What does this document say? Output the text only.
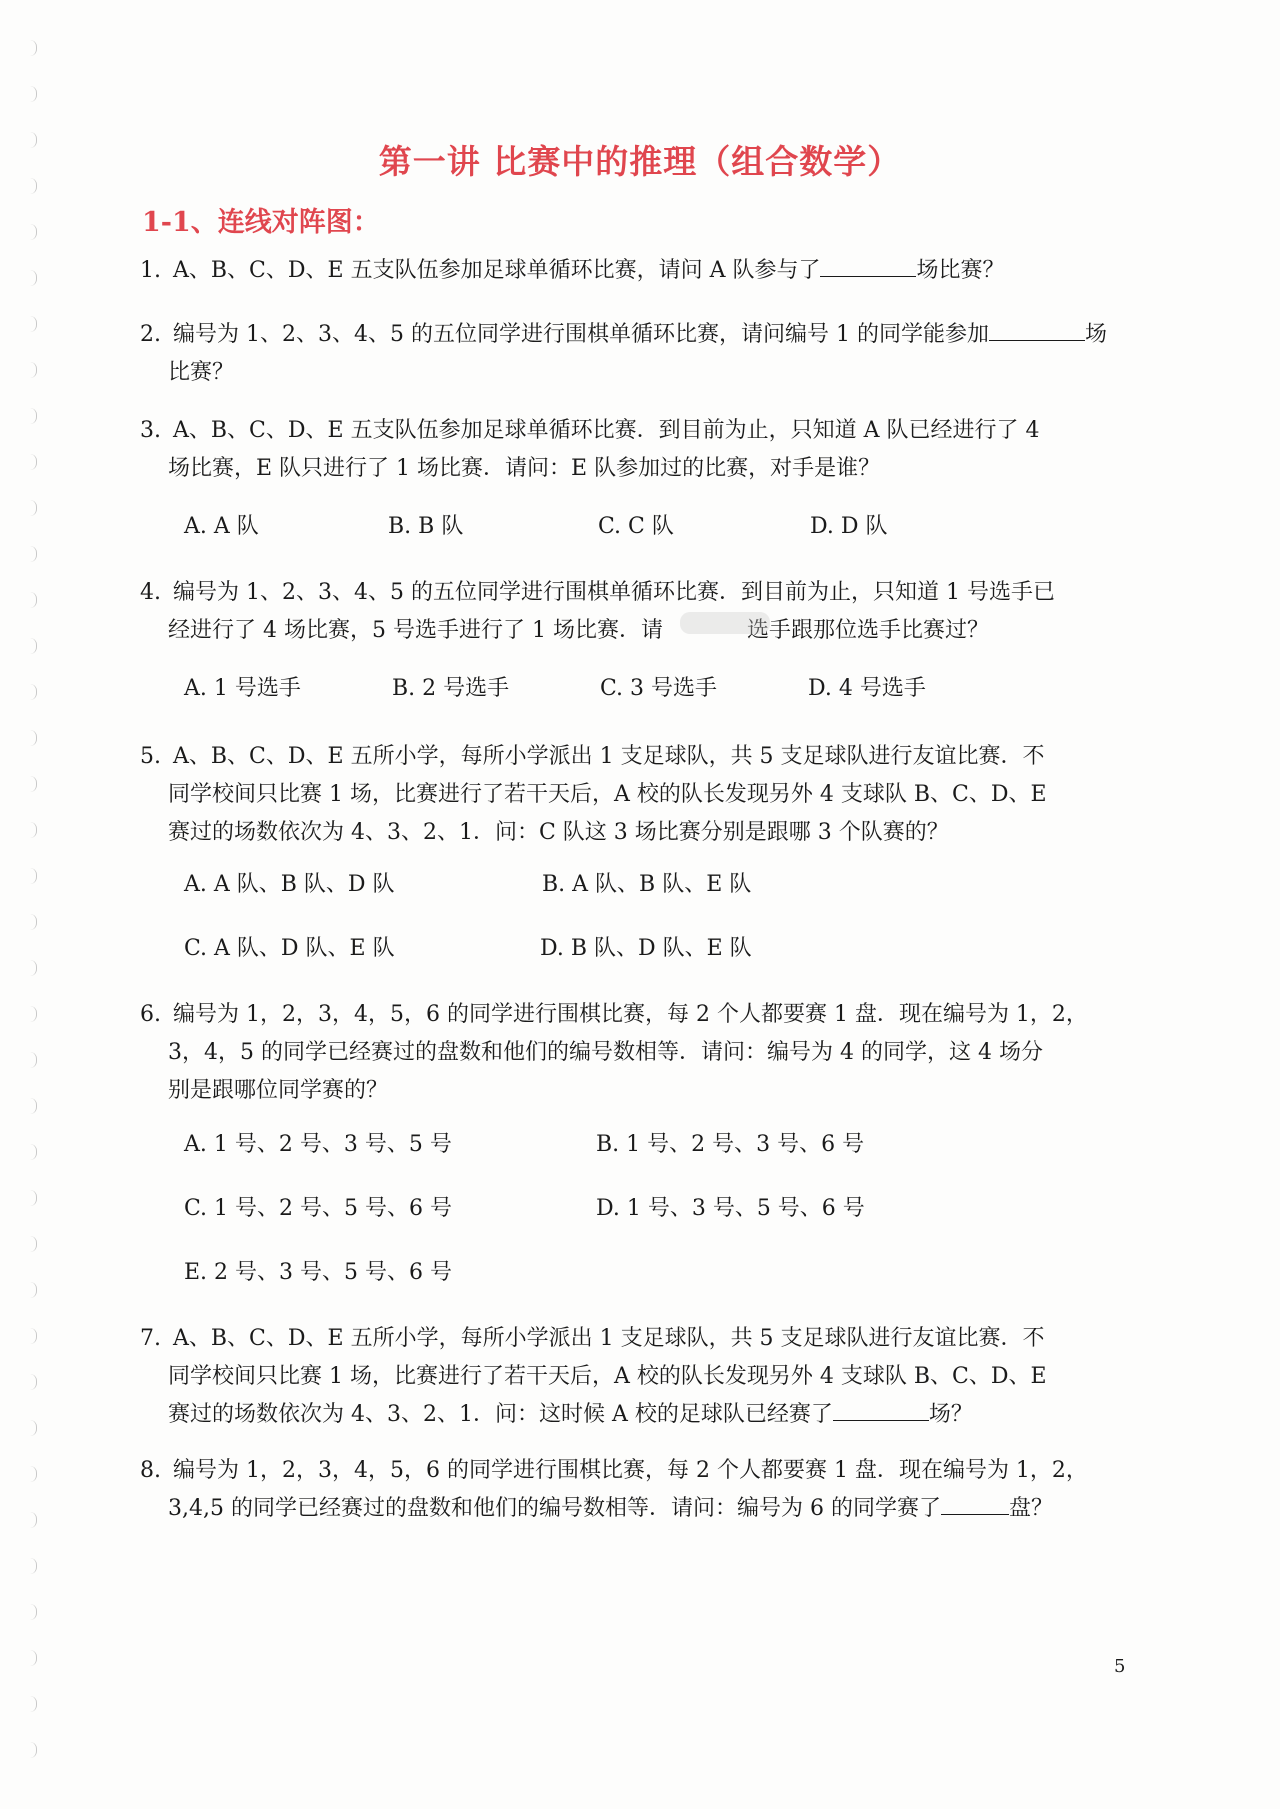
第一讲 比赛中的推理（组合数学）
1-1、连线对阵图：
1. A、B、C、D、E 五支队伍参加足球单循环比赛，请问 A 队参与了	场比赛？
2. 编号为 1、2、3、4、5 的五位同学进行围棋单循环比赛，请问编号 1 的同学能参加	场
比赛？
3. A、B、C、D、E 五支队伍参加足球单循环比赛．到目前为止，只知道 A 队已经进行了 4
场比赛，E 队只进行了 1 场比赛．请问：E 队参加过的比赛，对手是谁？
A. A 队	B. B 队	C. C 队	D. D 队
4. 编号为 1、2、3、4、5 的五位同学进行围棋单循环比赛．到目前为止，只知道 1 号选手已
经进行了 4 场比赛，5 号选手进行了 1 场比赛．请	选手跟那位选手比赛过？
A. 1 号选手	B. 2 号选手	C. 3 号选手	D. 4 号选手
5. A、B、C、D、E 五所小学，每所小学派出 1 支足球队，共 5 支足球队进行友谊比赛．不
同学校间只比赛 1 场，比赛进行了若干天后，A 校的队长发现另外 4 支球队 B、C、D、E
赛过的场数依次为 4、3、2、1．问：C 队这 3 场比赛分别是跟哪 3 个队赛的？
A. A 队、B 队、D 队	B. A 队、B 队、E 队
C. A 队、D 队、E 队	D. B 队、D 队、E 队
6. 编号为 1，2，3，4，5，6 的同学进行围棋比赛，每 2 个人都要赛 1 盘．现在编号为 1，2，
3，4，5 的同学已经赛过的盘数和他们的编号数相等．请问：编号为 4 的同学，这 4 场分
别是跟哪位同学赛的？
A. 1 号、2 号、3 号、5 号	B. 1 号、2 号、3 号、6 号
C. 1 号、2 号、5 号、6 号	D. 1 号、3 号、5 号、6 号
E. 2 号、3 号、5 号、6 号
7. A、B、C、D、E 五所小学，每所小学派出 1 支足球队，共 5 支足球队进行友谊比赛．不
同学校间只比赛 1 场，比赛进行了若干天后，A 校的队长发现另外 4 支球队 B、C、D、E
赛过的场数依次为 4、3、2、1．问：这时候 A 校的足球队已经赛了	场？
8. 编号为 1，2，3，4，5，6 的同学进行围棋比赛，每 2 个人都要赛 1 盘．现在编号为 1，2，
3,4,5 的同学已经赛过的盘数和他们的编号数相等．请问：编号为 6 的同学赛了	盘？
5
